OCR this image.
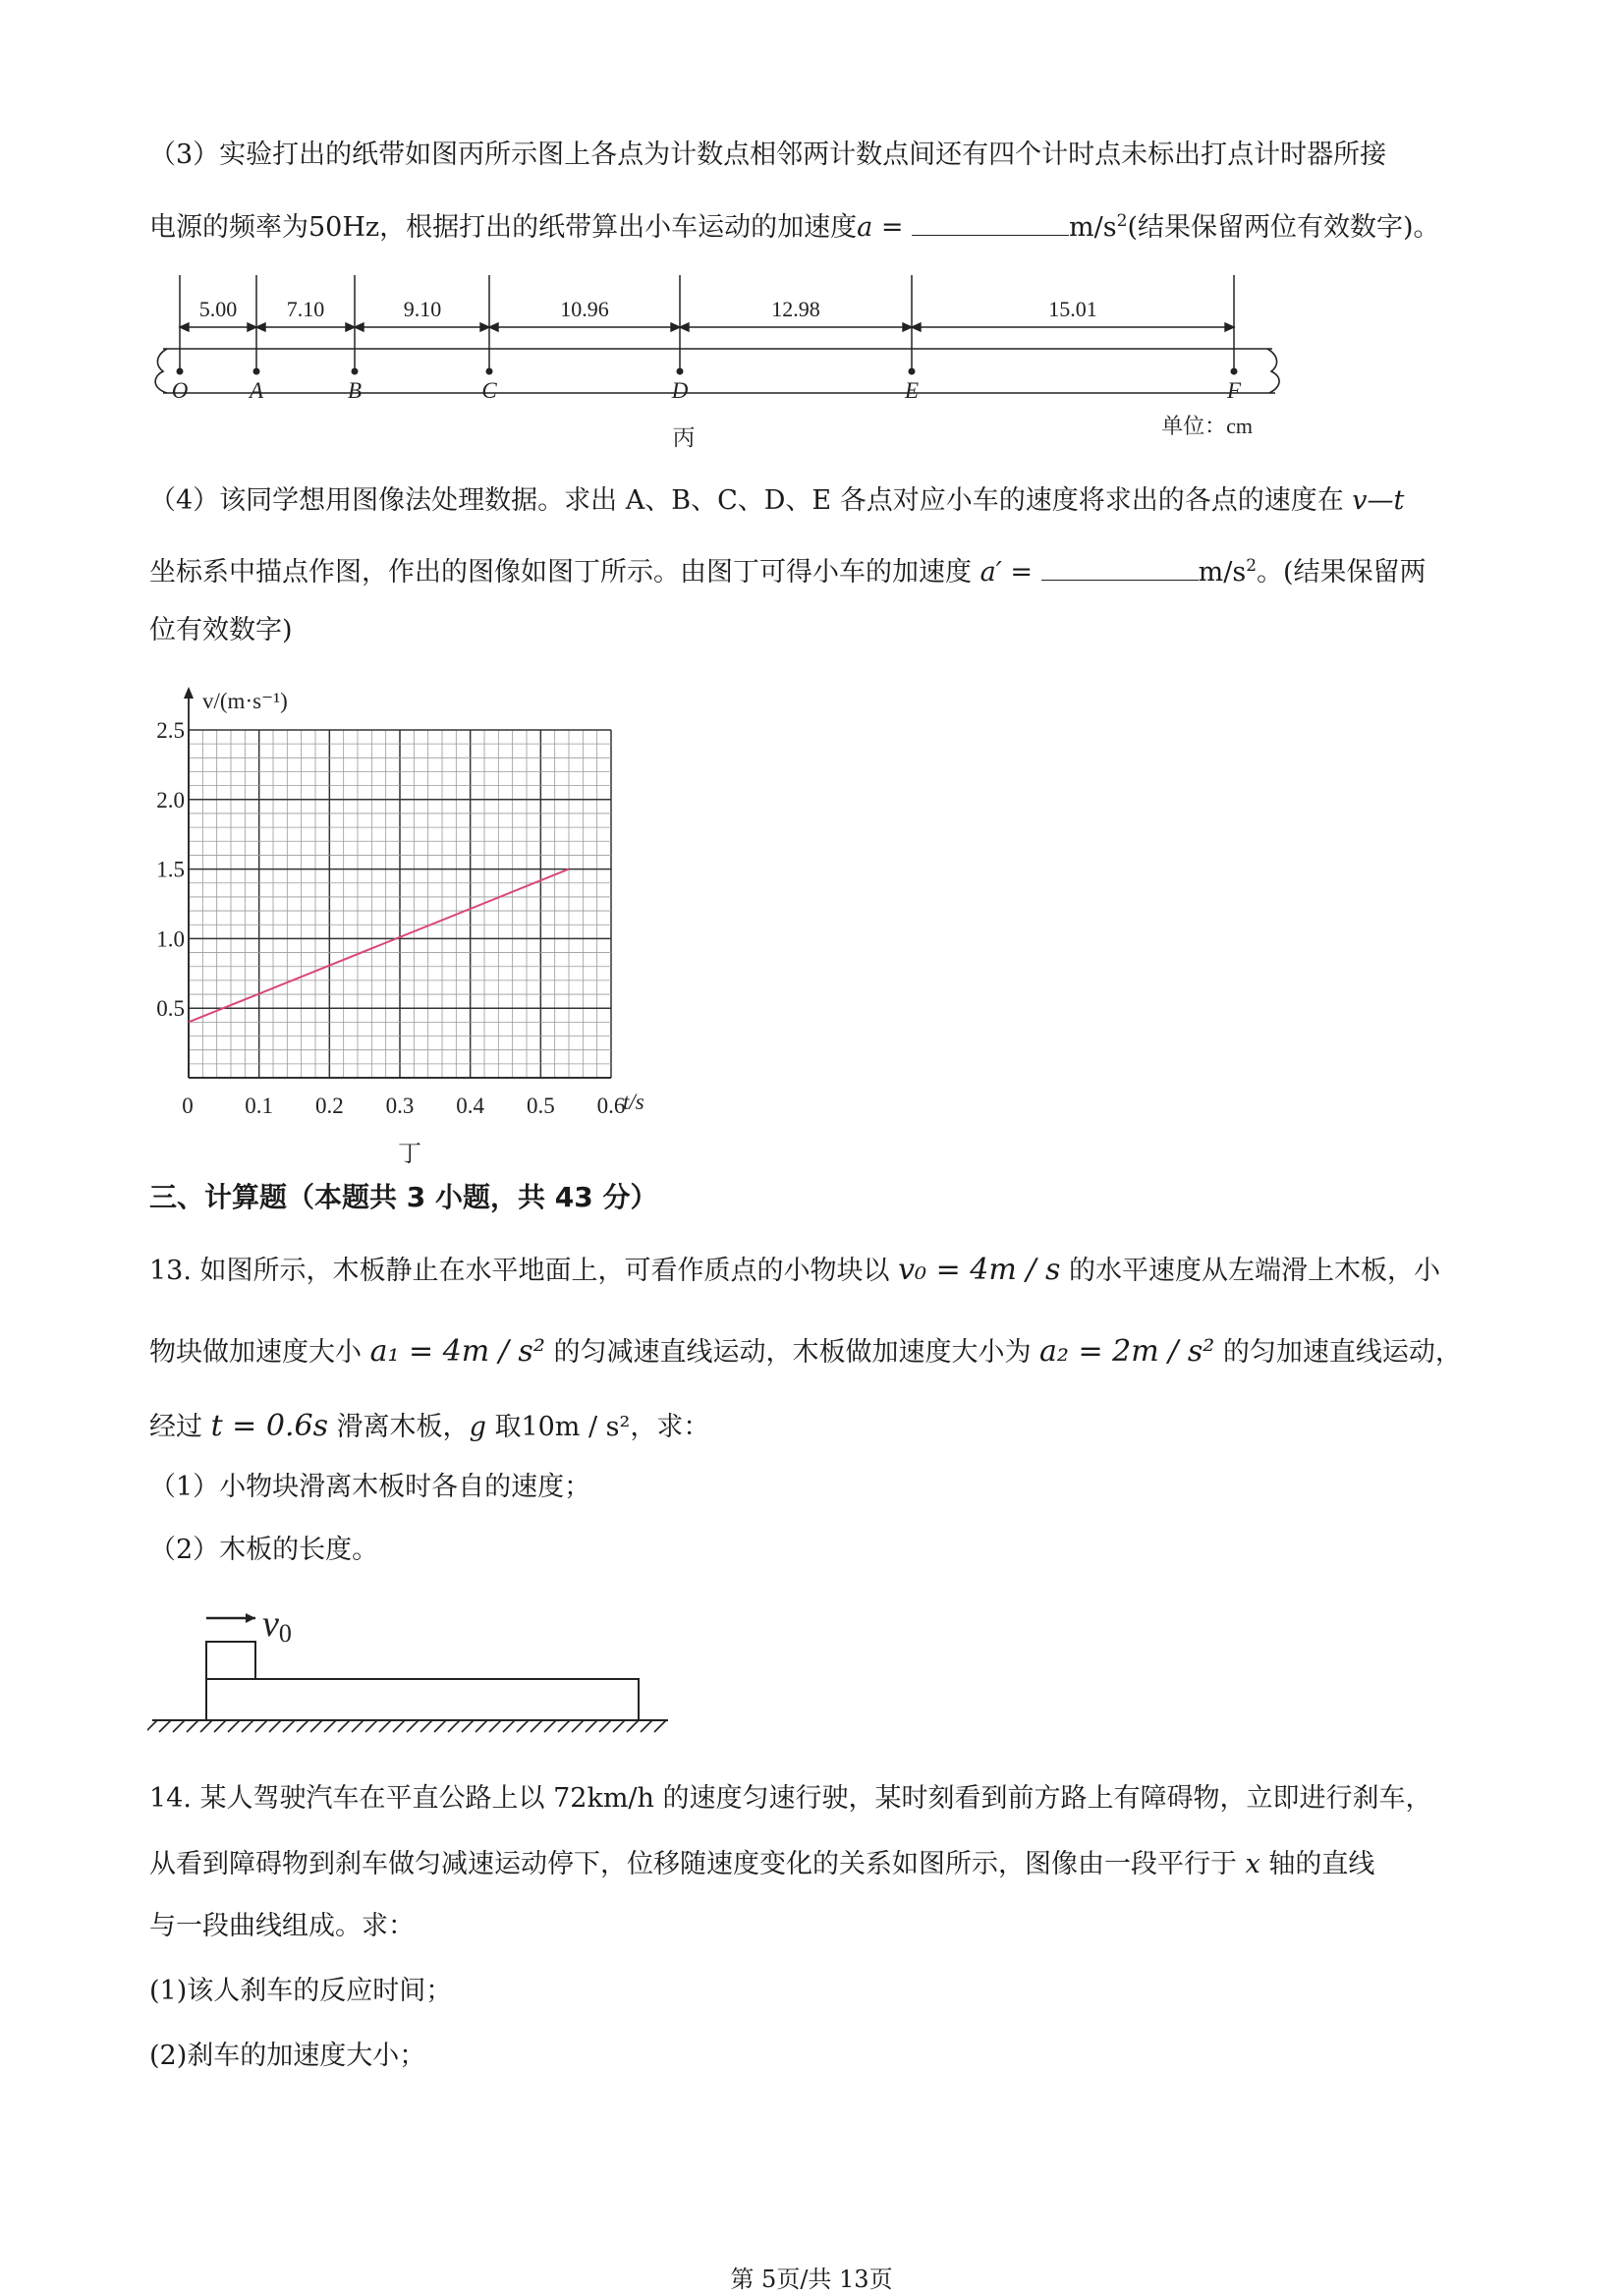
（3）实验打出的纸带如图丙所示图上各点为计数点相邻两计数点间还有四个计时点未标出打点计时器所接
电源的频率为50Hz，根据打出的纸带算出小车运动的加速度a =	$m/s^2$(结果保留两位有效数字)。
5.00 7.10	9.10	10.96	12.98	15.01
O	A	B	C	D	E	F
丙	单位：cm
（4）该同学想用图像法处理数据。求出 A、B、C、D、E 各点对应小车的速度将求出的各点的速度在 v—t
坐标系中描点作图，作出的图像如图丁所示。由图丁可得小车的加速度 a′ =	$m/s^2$。(结果保留两
位有效数字)
0 0.1 0.2 0.3 0.4 0.5 0.6
0.5
1.0
1.5
2.0
2.5
v/(m·s⁻¹)
t/s
丁
三、计算题（本题共 3 小题，共 43 分）
13. 如图所示，木板静止在水平地面上，可看作质点的小物块以 v₀ = 4m / s 的水平速度从左端滑上木板，小
物块做加速度大小 a₁ = 4m / s² 的匀减速直线运动，木板做加速度大小为 a₂ = 2m / s² 的匀加速直线运动，
经过 t = 0.6s 滑离木板，g 取10m / s²，求：
（1）小物块滑离木板时各自的速度；
（2）木板的长度。
v0
14. 某人驾驶汽车在平直公路上以 72km/h 的速度匀速行驶，某时刻看到前方路上有障碍物，立即进行刹车，
从看到障碍物到刹车做匀减速运动停下，位移随速度变化的关系如图所示，图像由一段平行于 x 轴的直线
与一段曲线组成。求：
(1)该人刹车的反应时间；
(2)刹车的加速度大小；
第 5页/共 13页
